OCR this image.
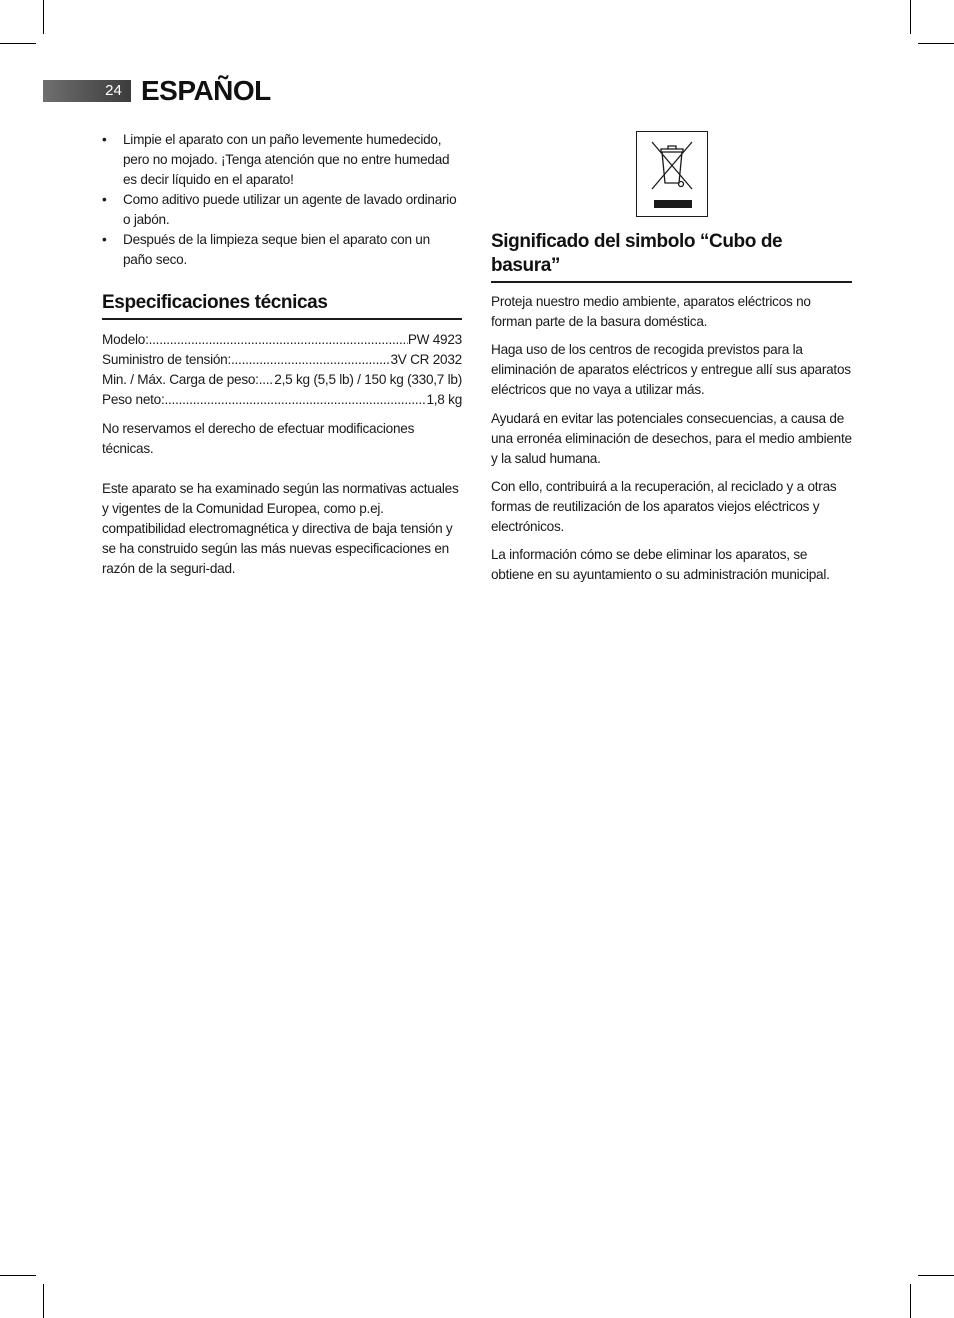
24 ESPAÑOL
• Limpie el aparato con un paño levemente humedecido, pero no mojado. ¡Tenga atención que no entre humedad es decir líquido en el aparato!
• Como aditivo puede utilizar un agente de lavado ordinario o jabón.
• Después de la limpieza seque bien el aparato con un paño seco.
Especificaciones técnicas
Modelo: .....	PW 4923
Suministro de tensión: .....	3V CR 2032
Min. / Máx. Carga de peso: ..... 2,5 kg (5,5 lb) / 150 kg (330,7 lb)
Peso neto: .....	1,8 kg

No reservamos el derecho de efectuar modificaciones técnicas.

Este aparato se ha examinado según las normativas actuales y vigentes de la Comunidad Europea, como p.ej. compatibilidad electromagnética y directiva de baja tensión y se ha construido según las más nuevas especificaciones en razón de la seguri-dad.

Significado del simbolo “Cubo de basura”

Proteja nuestro medio ambiente, aparatos eléctricos no forman parte de la basura doméstica.

Haga uso de los centros de recogida previstos para la eliminación de aparatos eléctricos y entregue allí sus aparatos eléctricos que no vaya a utilizar más.

Ayudará en evitar las potenciales consecuencias, a causa de una erronéa eliminación de desechos, para el medio ambiente y la salud humana.

Con ello, contribuirá a la recuperación, al reciclado y a otras formas de reutilización de los aparatos viejos eléctricos y electrónicos.

La información cómo se debe eliminar los aparatos, se obtiene en su ayuntamiento o su administración municipal.
